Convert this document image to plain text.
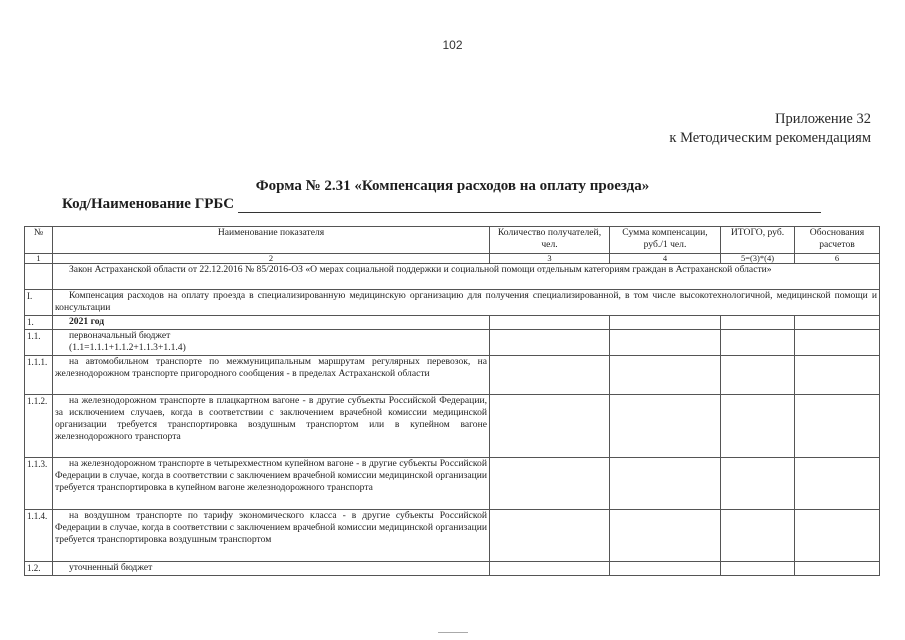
102
Приложение 32
к Методическим рекомендациям
Форма № 2.31 «Компенсация расходов на оплату проезда»
Код/Наименование ГРБС
№	Наименование показателя	Количество получателей, чел.	Сумма компенсации, руб./1 чел.	ИТОГО, руб.	Обоснования расчетов
1	2	3	4	5=(3)*(4)	6
	Закон Астраханской области от 22.12.2016 № 85/2016-ОЗ «О мерах социальной поддержки и социальной помощи отдельным категориям граждан в Астраханской области»				
I.	Компенсация расходов на оплату проезда в специализированную медицинскую организацию для получения специализированной, в том числе высокотехнологичной, медицинской помощи и консультации				
1.	2021 год				
1.1.	первоначальный бюджет
(1.1=1.1.1+1.1.2+1.1.3+1.1.4)				

1.1.1.	на автомобильном транспорте по межмуниципальным маршрутам регулярных перевозок, на железнодорожном транспорте пригородного сообщения - в пределах Астраханской области				
1.1.2.	на железнодорожном транспорте в плацкартном вагоне - в другие субъекты Российской Федерации, за исключением случаев, когда в соответствии с заключением врачебной комиссии медицинской организации требуется транспортировка воздушным транспортом или в купейном вагоне железнодорожного транспорта				
1.1.3.	на железнодорожном транспорте в четырехместном купейном вагоне - в другие субъекты Российской Федерации в случае, когда в соответствии с заключением врачебной комиссии медицинской организации требуется транспортировка в купейном вагоне железнодорожного транспорта				
1.1.4.	на воздушном транспорте по тарифу экономического класса - в другие субъекты Российской Федерации в случае, когда в соответствии с заключением врачебной комиссии медицинской организации требуется транспортировка воздушным транспортом				
1.2.	уточненный бюджет				
